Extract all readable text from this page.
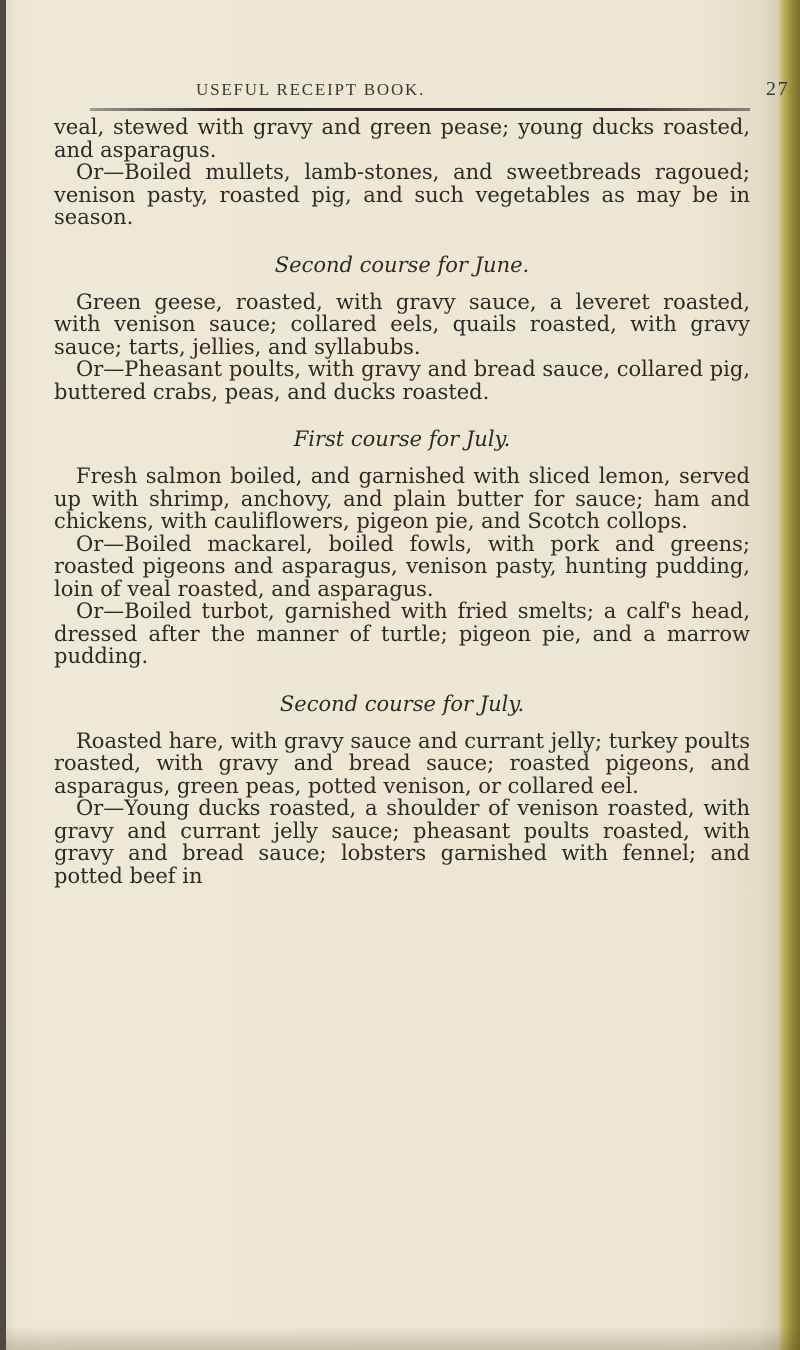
USEFUL RECEIPT BOOK.	27

veal, stewed with gravy and green pease; young ducks roasted, and asparagus.

Or—Boiled mullets, lamb-stones, and sweetbreads ragoued; venison pasty, roasted pig, and such vegetables as may be in season.

Second course for June.

Green geese, roasted, with gravy sauce, a leveret roasted, with venison sauce; collared eels, quails roasted, with gravy sauce; tarts, jellies, and syllabubs.

Or—Pheasant poults, with gravy and bread sauce, collared pig, buttered crabs, peas, and ducks roasted.

First course for July.

Fresh salmon boiled, and garnished with sliced lemon, served up with shrimp, anchovy, and plain butter for sauce; ham and chickens, with cauliflowers, pigeon pie, and Scotch collops.

Or—Boiled mackarel, boiled fowls, with pork and greens; roasted pigeons and asparagus, venison pasty, hunting pudding, loin of veal roasted, and asparagus.

Or—Boiled turbot, garnished with fried smelts; a calf's head, dressed after the manner of turtle; pigeon pie, and a marrow pudding.

Second course for July.

Roasted hare, with gravy sauce and currant jelly; turkey poults roasted, with gravy and bread sauce; roasted pigeons, and asparagus, green peas, potted venison, or collared eel.

Or—Young ducks roasted, a shoulder of venison roasted, with gravy and currant jelly sauce; pheasant poults roasted, with gravy and bread sauce; lobsters garnished with fennel; and potted beef in
